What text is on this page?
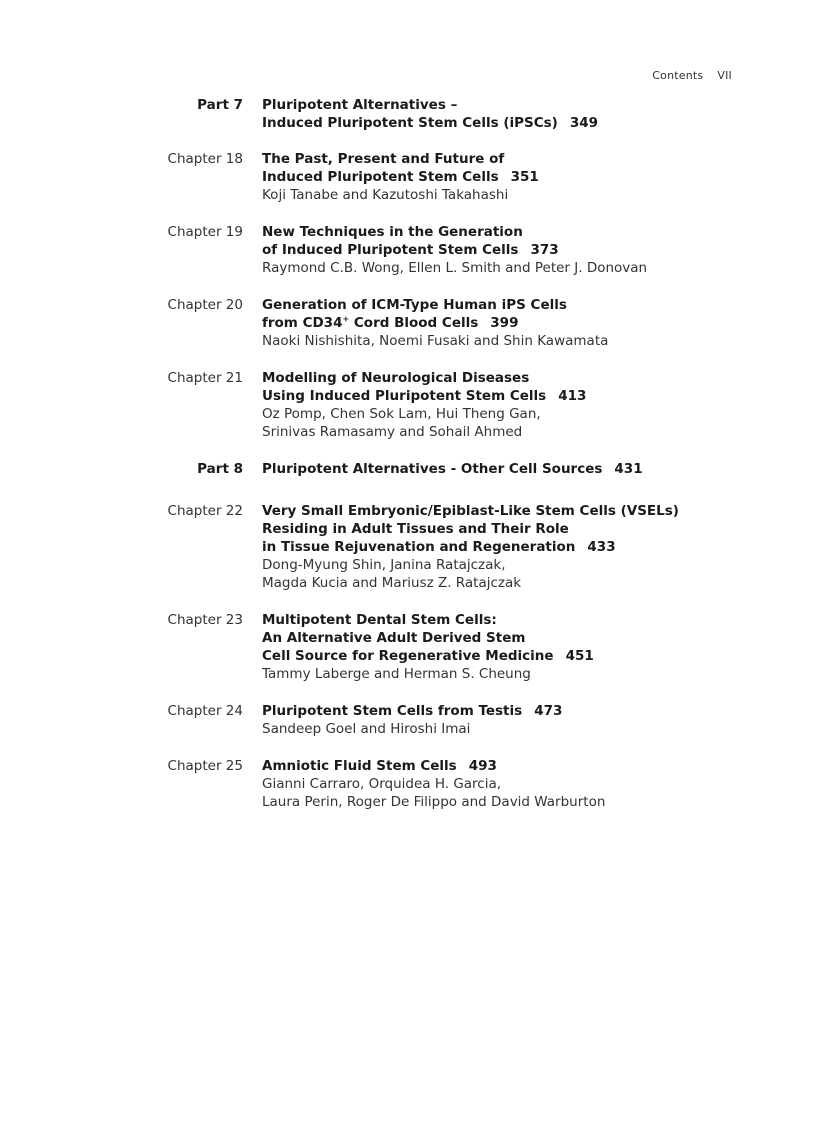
Contents VII
Part 7 Pluripotent Alternatives –
Induced Pluripotent Stem Cells (iPSCs) 349
Chapter 18 The Past, Present and Future of
Induced Pluripotent Stem Cells 351
Koji Tanabe and Kazutoshi Takahashi
Chapter 19 New Techniques in the Generation
of Induced Pluripotent Stem Cells 373
Raymond C.B. Wong, Ellen L. Smith and Peter J. Donovan
Chapter 20 Generation of ICM-Type Human iPS Cells
from CD34+ Cord Blood Cells 399
Naoki Nishishita, Noemi Fusaki and Shin Kawamata
Chapter 21 Modelling of Neurological Diseases
Using Induced Pluripotent Stem Cells 413
Oz Pomp, Chen Sok Lam, Hui Theng Gan,
Srinivas Ramasamy and Sohail Ahmed
Part 8 Pluripotent Alternatives - Other Cell Sources 431
Chapter 22 Very Small Embryonic/Epiblast-Like Stem Cells (VSELs)
Residing in Adult Tissues and Their Role
in Tissue Rejuvenation and Regeneration 433
Dong-Myung Shin, Janina Ratajczak,
Magda Kucia and Mariusz Z. Ratajczak
Chapter 23 Multipotent Dental Stem Cells:
An Alternative Adult Derived Stem
Cell Source for Regenerative Medicine 451
Tammy Laberge and Herman S. Cheung
Chapter 24 Pluripotent Stem Cells from Testis 473
Sandeep Goel and Hiroshi Imai
Chapter 25 Amniotic Fluid Stem Cells 493
Gianni Carraro, Orquidea H. Garcia,
Laura Perin, Roger De Filippo and David Warburton
